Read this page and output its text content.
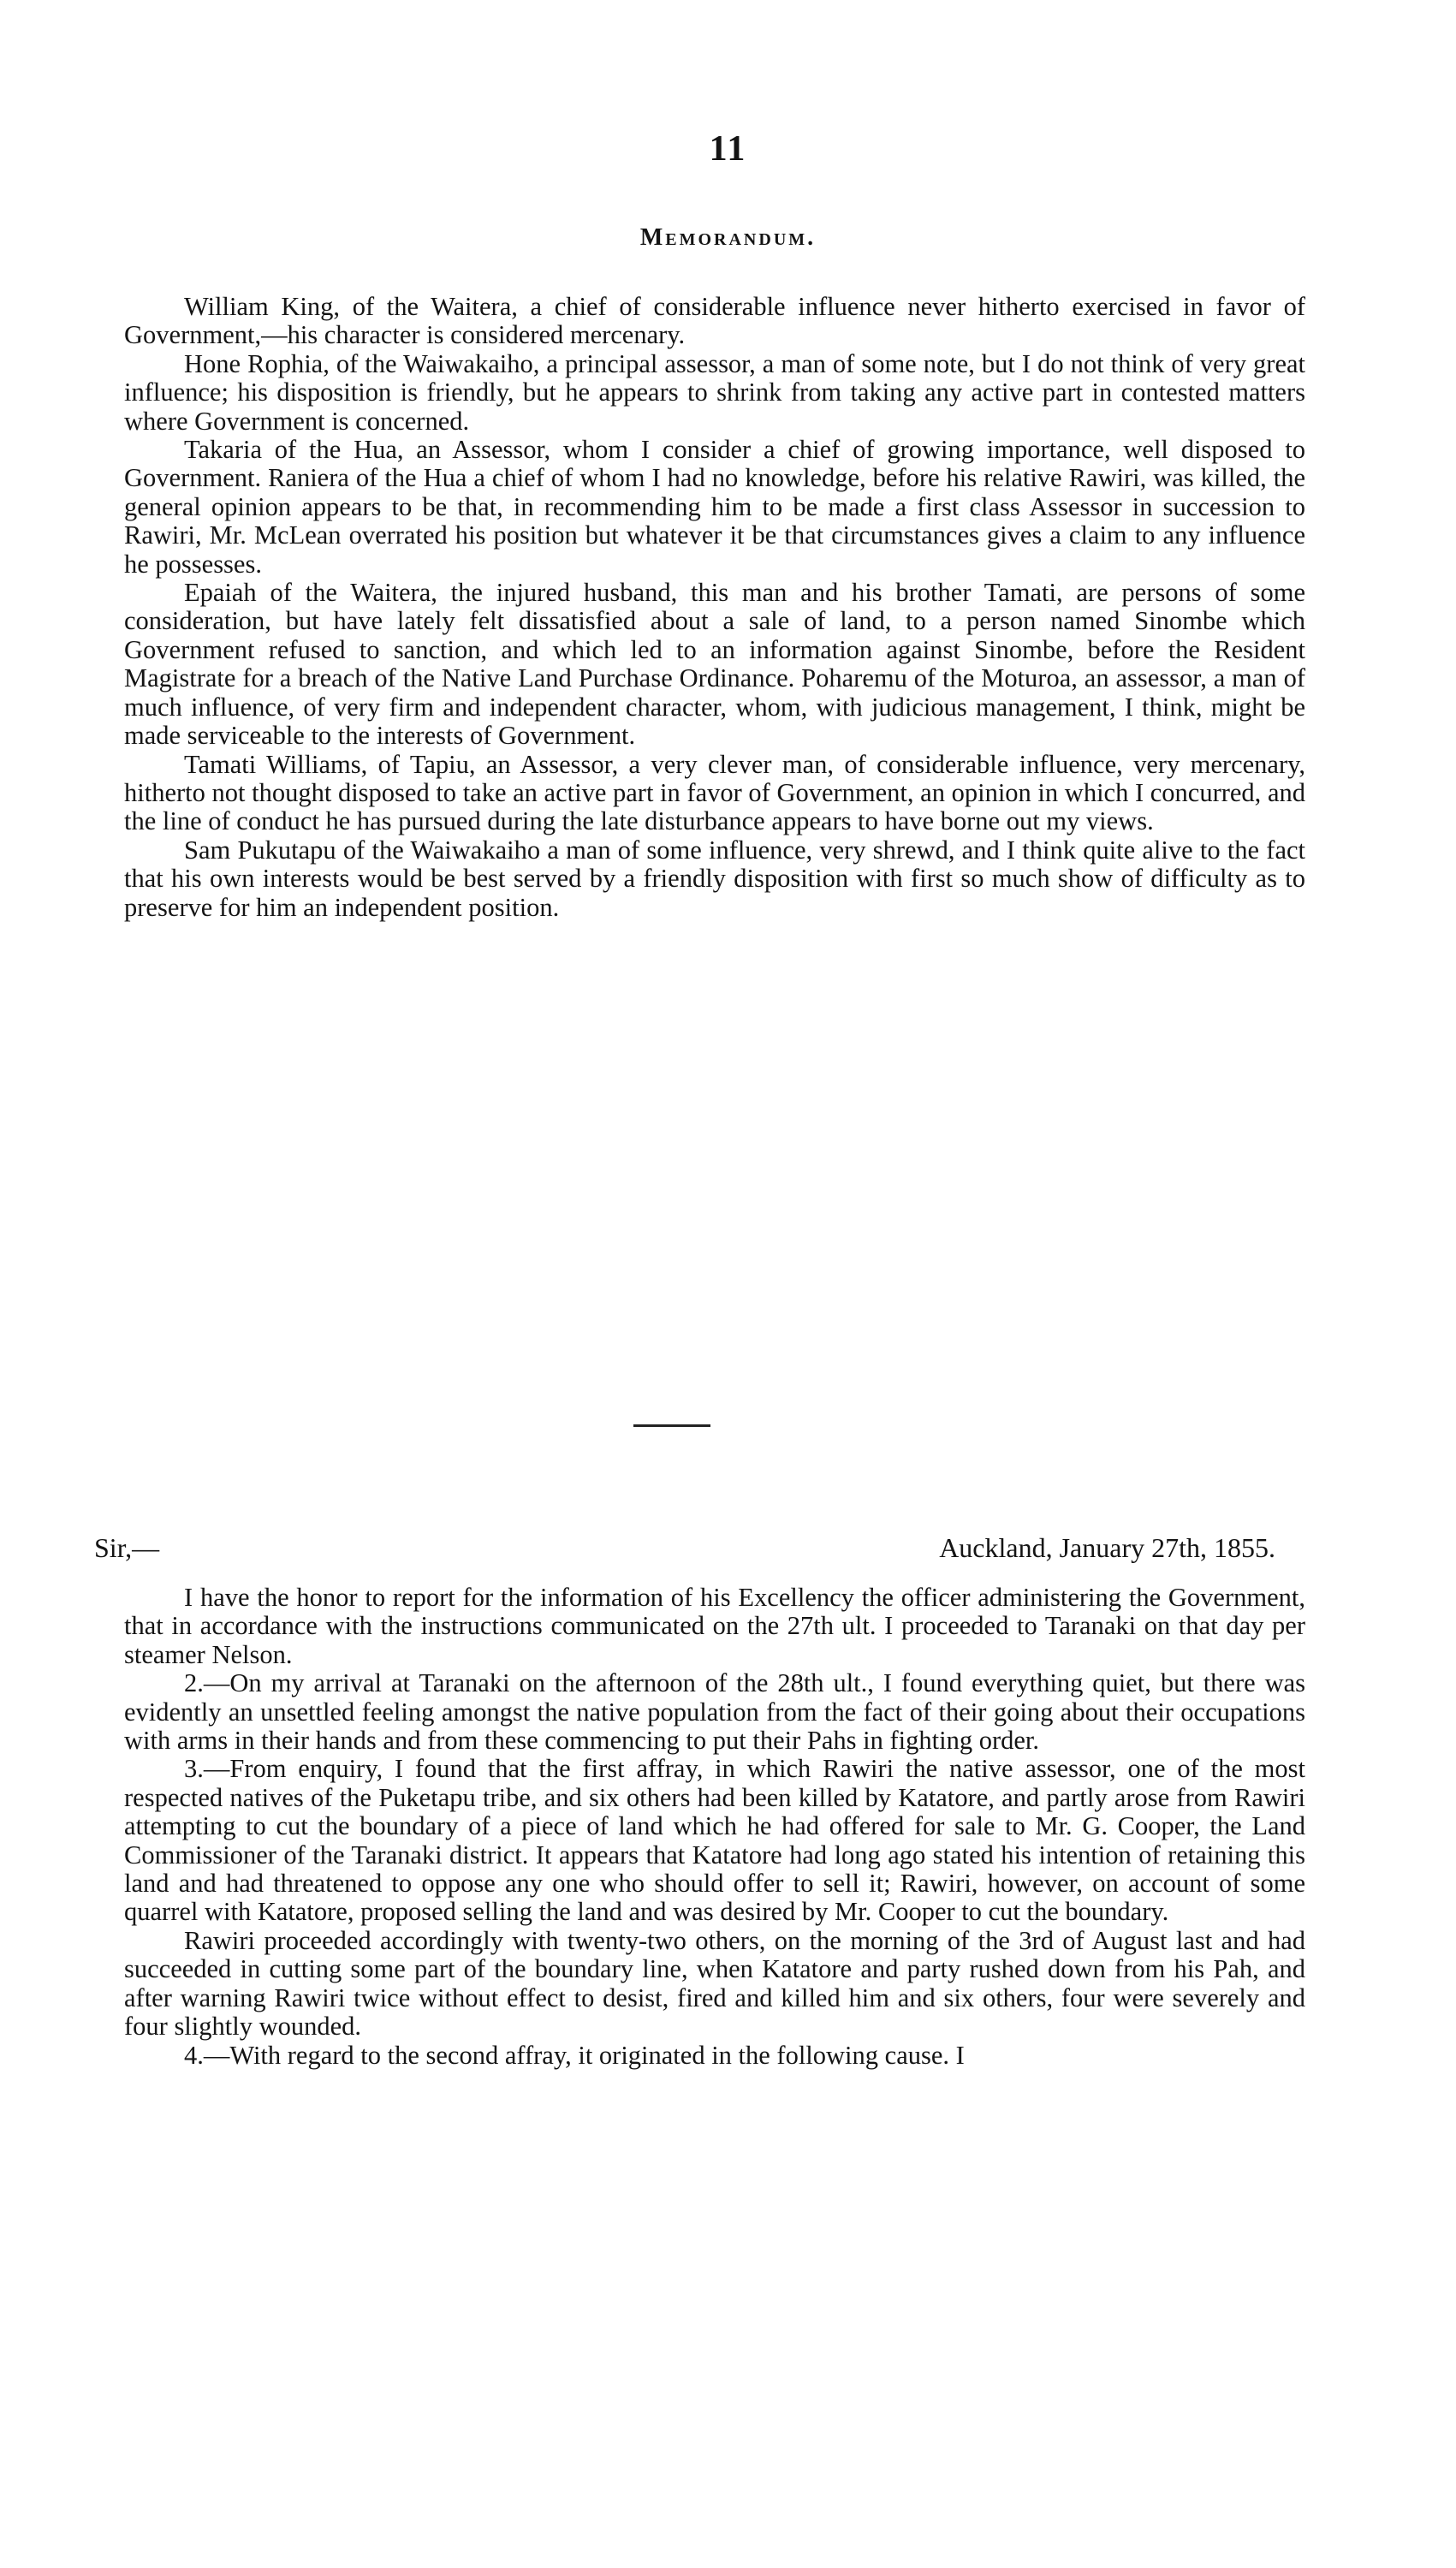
11
Memorandum.

William King, of the Waitera, a chief of considerable influence never hitherto exercised in favor of Government,—his character is considered mercenary.

Hone Rophia, of the Waiwakaiho, a principal assessor, a man of some note, but I do not think of very great influence; his disposition is friendly, but he appears to shrink from taking any active part in contested matters where Government is concerned.

Takaria of the Hua, an Assessor, whom I consider a chief of growing importance, well disposed to Government. Raniera of the Hua a chief of whom I had no knowledge, before his relative Rawiri, was killed, the general opinion appears to be that, in recommending him to be made a first class Assessor in succession to Rawiri, Mr. McLean overrated his position but whatever it be that circumstances gives a claim to any influence he possesses.

Epaiah of the Waitera, the injured husband, this man and his brother Tamati, are persons of some consideration, but have lately felt dissatisfied about a sale of land, to a person named Sinombe which Government refused to sanction, and which led to an information against Sinombe, before the Resident Magistrate for a breach of the Native Land Purchase Ordinance. Poharemu of the Moturoa, an assessor, a man of much influence, of very firm and independent character, whom, with judicious management, I think, might be made serviceable to the interests of Government.

Tamati Williams, of Tapiu, an Assessor, a very clever man, of considerable influence, very mercenary, hitherto not thought disposed to take an active part in favor of Government, an opinion in which I concurred, and the line of conduct he has pursued during the late disturbance appears to have borne out my views.

Sam Pukutapu of the Waiwakaiho a man of some influence, very shrewd, and I think quite alive to the fact that his own interests would be best served by a friendly disposition with first so much show of difficulty as to preserve for him an independent position.

Sir,—	Auckland, January 27th, 1855.

I have the honor to report for the information of his Excellency the officer administering the Government, that in accordance with the instructions communicated on the 27th ult. I proceeded to Taranaki on that day per steamer Nelson.

2.—On my arrival at Taranaki on the afternoon of the 28th ult., I found everything quiet, but there was evidently an unsettled feeling amongst the native population from the fact of their going about their occupations with arms in their hands and from these commencing to put their Pahs in fighting order.

3.—From enquiry, I found that the first affray, in which Rawiri the native assessor, one of the most respected natives of the Puketapu tribe, and six others had been killed by Katatore, and partly arose from Rawiri attempting to cut the boundary of a piece of land which he had offered for sale to Mr. G. Cooper, the Land Commissioner of the Taranaki district. It appears that Katatore had long ago stated his intention of retaining this land and had threatened to oppose any one who should offer to sell it; Rawiri, however, on account of some quarrel with Katatore, proposed selling the land and was desired by Mr. Cooper to cut the boundary.

Rawiri proceeded accordingly with twenty-two others, on the morning of the 3rd of August last and had succeeded in cutting some part of the boundary line, when Katatore and party rushed down from his Pah, and after warning Rawiri twice without effect to desist, fired and killed him and six others, four were severely and four slightly wounded.

4.—With regard to the second affray, it originated in the following cause. I
